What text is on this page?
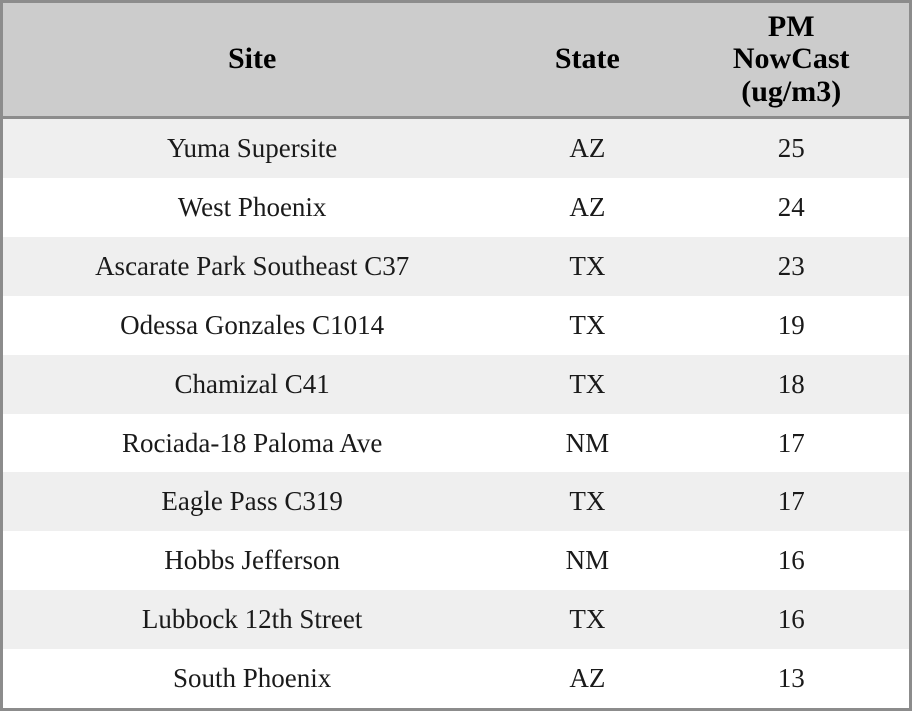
Site	State	PM
NowCast
(ug/m3)
Yuma Supersite	AZ	25
West Phoenix	AZ	24
Ascarate Park Southeast C37	TX	23
Odessa Gonzales C1014	TX	19
Chamizal C41	TX	18
Rociada-18 Paloma Ave	NM	17
Eagle Pass C319	TX	17
Hobbs Jefferson	NM	16
Lubbock 12th Street	TX	16
South Phoenix	AZ	13
